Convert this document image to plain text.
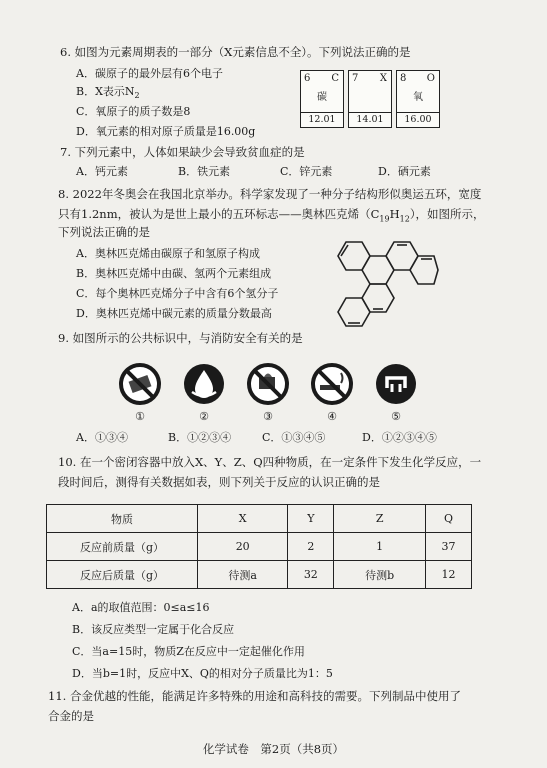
6. 如图为元素周期表的一部分（X元素信息不全）。下列说法正确的是
A．碳原子的最外层有6个电子
B．X表示$N_2$
C．氧原子的质子数是8
D．氧元素的相对原子质量是16.00g
6 C
碳
12.01
7 X
14.01
8 O
氧
16.00
7. 下列元素中，人体如果缺少会导致贫血症的是
A．钙元素	B．铁元素	C．锌元素	D．硒元素
8. 2022年冬奥会在我国北京举办。科学家发现了一种分子结构形似奥运五环，宽度
只有1.2nm，被认为是世上最小的五环标志——奥林匹克烯$(C_{19}H_{12})$，如图所示，
下列说法正确的是
A．奥林匹克烯由碳原子和氢原子构成
B．奥林匹克烯中由碳、氢两个元素组成
C．每个奥林匹克烯分子中含有6个氢分子
D．奥林匹克烯中碳元素的质量分数最高
9. 如图所示的公共标识中，与消防安全有关的是
①	②	③	④	⑤
A．①③④	B．①②③④	C．①③④⑤	D．①②③④⑤
10. 在一个密闭容器中放入X、Y、Z、Q四种物质，在一定条件下发生化学反应，一
段时间后，测得有关数据如表，则下列关于反应的认识正确的是
物质	X	Y	Z	Q
反应前质量（g）	20	2	1	37
反应后质量（g）	待测a	32	待测b	12
A．a的取值范围：0≤a≤16
B．该反应类型一定属于化合反应
C．当a=15时，物质Z在反应中一定起催化作用
D．当b=1时，反应中X、Q的相对分子质量比为1：5
11. 合金优越的性能，能满足许多特殊的用途和高科技的需要。下列制品中使用了
合金的是
化学试卷　第2页（共8页）
